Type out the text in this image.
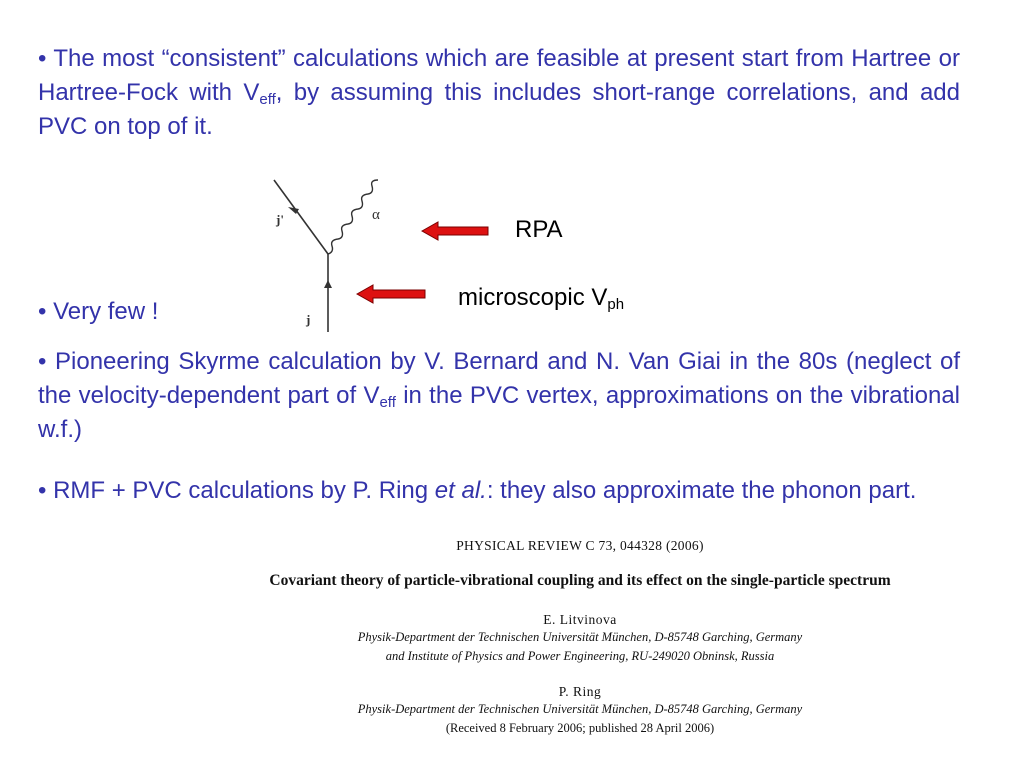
• The most “consistent” calculations which are feasible at present start from Hartree or Hartree-Fock with $V_{eff}$, by assuming this includes short-range correlations, and add PVC on top of it.

• Very few !

• Pioneering Skyrme calculation by V. Bernard and N. Van Giai in the 80s (neglect of the velocity-dependent part of $V_{eff}$ in the PVC vertex, approximations on the vibrational w.f.)

• RMF + PVC calculations by P. Ring et al.: they also approximate the phonon part.

j'	α
j
RPA
microscopic $V_{ph}$
PHYSICAL REVIEW C 73, 044328 (2006)
Covariant theory of particle-vibrational coupling and its effect on the single-particle spectrum
E. Litvinova
Physik-Department der Technischen Universität München, D-85748 Garching, Germany
and Institute of Physics and Power Engineering, RU-249020 Obninsk, Russia
P. Ring
Physik-Department der Technischen Universität München, D-85748 Garching, Germany
(Received 8 February 2006; published 28 April 2006)
